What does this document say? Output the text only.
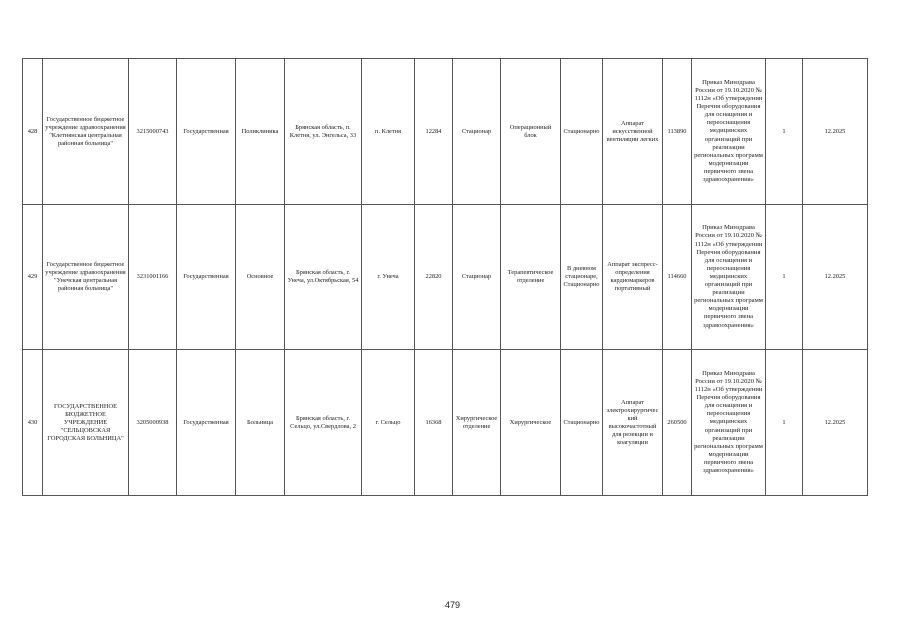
428	Государственное бюджетное учреждение здравоохранения "Клетнянская центральная районная больница"	3215000743	Государственная	Поликлиника	Брянская область, п. Клетня, ул. Энгельса, 33	п. Клетня	12284	Стационар	Операционный блок	Стационарно	Аппарат искусственной вентиляции легких	113890	Приказ Минздрава России от 19.10.2020 № 1112н «Об утверждении Перечня оборудования для оснащения и переоснащения медицинских организаций при реализации региональных программ модернизации первичного звена здравоохранения»	1	12.2025
429	Государственное бюджетное учреждение здравоохранения "Унечская центральная районная больница"	3231001166	Государственная	Основное	Брянская область, г. Унеча, ул.Октябрьская, 54	г. Унеча	22820	Стационар	Терапевтическое отделение	В дневном стационаре, Стационарно	Аппарат экспресс-определения кардиомаркеров портативный	114660	Приказ Минздрава России от 19.10.2020 № 1112н «Об утверждении Перечня оборудования для оснащения и переоснащения медицинских организаций при реализации региональных программ модернизации первичного звена здравоохранения»	1	12.2025
430	ГОСУДАРСТВЕННОЕ БЮДЖЕТНОЕ УЧРЕЖДЕНИЕ "СЕЛЬЦОВСКАЯ ГОРОДСКАЯ БОЛЬНИЦА"	3205000938	Государственная	Больница	Брянская область, г. Сельцо, ул.Свердлова, 2	г. Сельцо	16368	Хирургическое отделение	Хирургическое	Стационарно	Аппарат электрохирургический высокочастотный для резекции и коагуляции	260500	Приказ Минздрава России от 19.10.2020 № 1112н «Об утверждении Перечня оборудования для оснащения и переоснащения медицинских организаций при реализации региональных программ модернизации первичного звена здравоохранения»	1	12.2025
479
